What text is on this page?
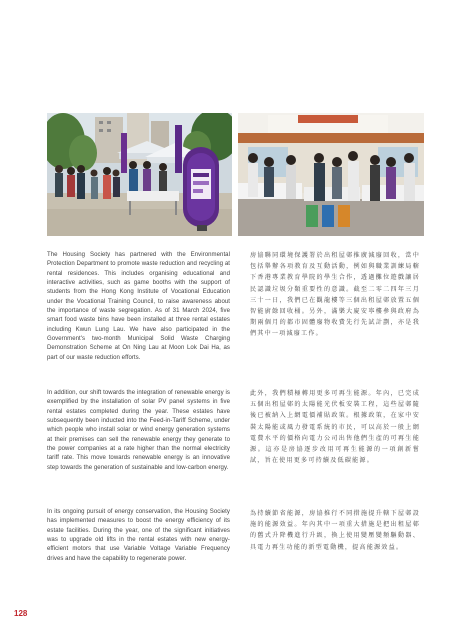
The Housing Society has partnered with the Environmental Protection Department to promote waste reduction and recycling at rental residences. This includes organising educational and interactive activities, such as game booths with the support of students from the Hong Kong Institute of Vocational Education under the Vocational Training Council, to raise awareness about the importance of waste segregation. As of 31 March 2024, five smart food waste bins have been installed at three rental estates including Kwun Lung Lau. We have also participated in the Government's two-month Municipal Solid Waste Charging Demonstration Scheme at On Ning Lau at Moon Lok Dai Ha, as part of our waste reduction efforts.
In addition, our shift towards the integration of renewable energy is exemplified by the installation of solar PV panel systems in five rental estates completed during the year. These estates have subsequently been inducted into the Feed-in-Tariff Scheme, under which people who install solar or wind energy generation systems at their premises can sell the renewable energy they generate to the power companies at a rate higher than the normal electricity tariff rate. This move towards renewable energy is an innovative step towards the generation of sustainable and low-carbon energy.
In its ongoing pursuit of energy conservation, the Housing Society has implemented measures to boost the energy efficiency of its estate facilities. During the year, one of the significant initiatives was to upgrade old lifts in the rental estates with new energy-efficient motors that use Variable Voltage Variable Frequency drives and have the capability to regenerate power.
房協聯同環境保護署於出租屋邨推廣減廢回收，當中包括舉辦各項教育及互動活動，例如與職業訓練局轄下香港專業教育學院的學生合作，透過攤位遊戲讓居民認識垃圾分類重要性的意識。截至二零二四年三月三十一日，我們已在觀龍樓等三個出租屋邨放置五個智能廚餘回收桶。另外，滿樂大廈安寧樓參與政府為期兩個月的都市固體廢物收費先行先試計劃，亦是我們其中一項減廢工作。
此外，我們積極轉用更多可再生能源。年內，已完成五個出租屋邨的太陽能光伏板安裝工程，這些屋邨隨後已被納入上網電價補貼政策。根據政策，在家中安裝太陽能或風力發電系統的市民，可以高於一般上網電費水平的價格向電力公司出售他們生產的可再生能源。這亦是房協逐步改用可再生能源的一項創新嘗試，旨在使用更多可持續及低碳能源。
為持續節省能源，房協推行不同措施提升轄下屋邨設施的能源效益。年內其中一項重大措施是把出租屋邨的舊式升降機進行升級，換上使用變壓變頻驅動器、具電力再生功能的新型電動機，提高能源效益。
128
